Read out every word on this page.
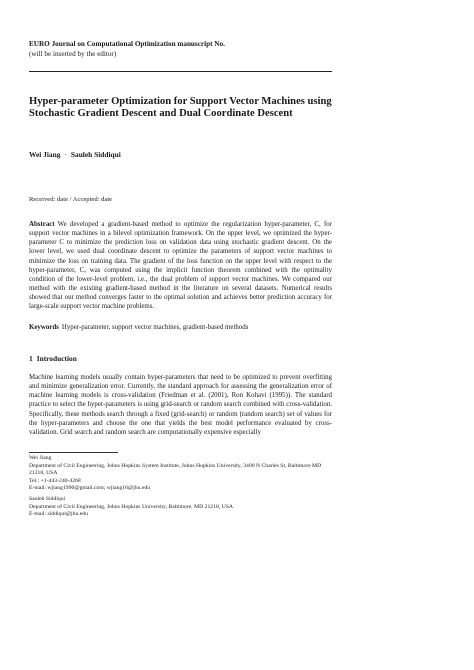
EURO Journal on Computational Optimization manuscript No.
(will be inserted by the editor)
Hyper-parameter Optimization for Support Vector Machines using Stochastic Gradient Descent and Dual Coordinate Descent
Wei Jiang · Sauleh Siddiqui
Received: date / Accepted: date
Abstract We developed a gradient-based method to optimize the regularization hyper-parameter, C, for support vector machines in a bilevel optimization framework. On the upper level, we optimized the hyper-parameter C to minimize the prediction loss on validation data using stochastic gradient descent. On the lower level, we used dual coordinate descent to optimize the parameters of support vector machines to minimize the loss on training data. The gradient of the loss function on the upper level with respect to the hyper-parameter, C, was computed using the implicit function theorem combined with the optimality condition of the lower-level problem, i.e., the dual problem of support vector machines. We compared our method with the existing gradient-based method in the literature on several datasets. Numerical results showed that our method converges faster to the optimal solution and achieves better prediction accuracy for large-scale support vector machine problems.
Keywords Hyper-parameter, support vector machines, gradient-based methods
1 Introduction
Machine learning models usually contain hyper-parameters that need to be optimized to prevent overfitting and minimize generalization error. Currently, the standard approach for assessing the generalization error of machine learning models is cross-validation (Friedman et al. (2001), Ron Kohavi (1995)). The standard practice to select the hyper-parameters is using grid-search or random search combined with cross-validation. Specifically, these methods search through a fixed (grid-search) or random (random search) set of values for the hyper-parameters and choose the one that yields the best model performance evaluated by cross-validation. Grid search and random search are computationally expensive especially
Wei Jiang
Department of Civil Engineering, Johns Hopkins System Institute, Johns Hopkins University, 3400 N Charles St, Baltimore MD 21218, USA
Tel.: +1-443-240-4268
E-mail: wjiang1990@gmail.com; wjiang16@jhu.edu
Sauleh Siddiqui
Department of Civil Engineering, Johns Hopkins University, Baltimore, MD 21218, USA
E-mail: siddiqui@jhu.edu
